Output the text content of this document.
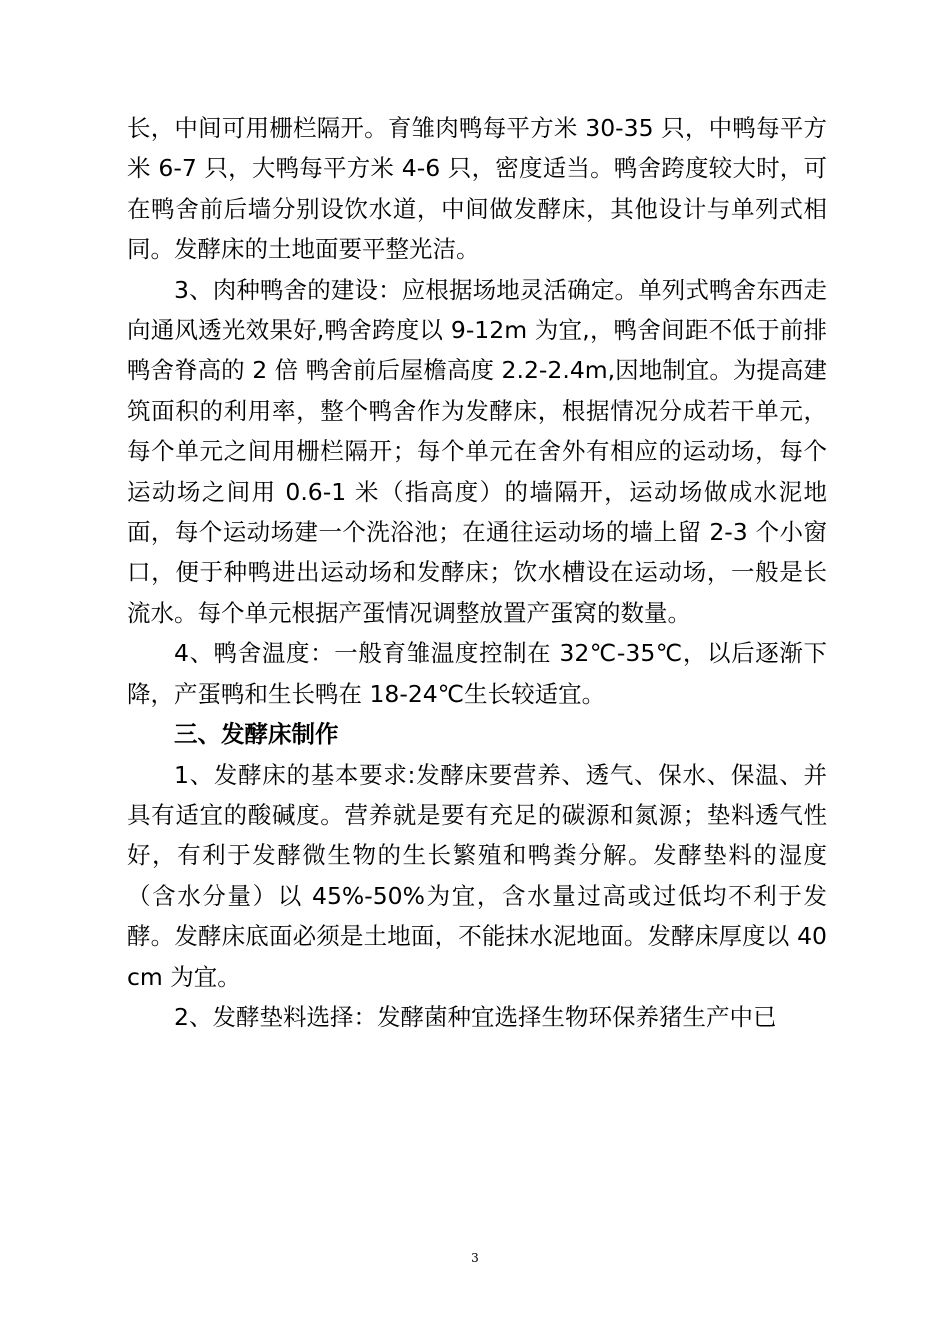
长，中间可用栅栏隔开。育雏肉鸭每平方米 30-35 只，中鸭每平方米 6-7 只，大鸭每平方米 4-6 只，密度适当。鸭舍跨度较大时，可在鸭舍前后墙分别设饮水道，中间做发酵床，其他设计与单列式相同。发酵床的土地面要平整光洁。

3、肉种鸭舍的建设：应根据场地灵活确定。单列式鸭舍东西走向通风透光效果好,鸭舍跨度以 9-12m 为宜,，鸭舍间距不低于前排鸭舍脊高的 2 倍 鸭舍前后屋檐高度 2.2-2.4m,因地制宜。为提高建筑面积的利用率，整个鸭舍作为发酵床，根据情况分成若干单元，每个单元之间用栅栏隔开；每个单元在舍外有相应的运动场，每个运动场之间用 0.6-1 米（指高度）的墙隔开，运动场做成水泥地面，每个运动场建一个洗浴池；在通往运动场的墙上留 2-3 个小窗口，便于种鸭进出运动场和发酵床；饮水槽设在运动场，一般是长流水。每个单元根据产蛋情况调整放置产蛋窝的数量。

4、鸭舍温度：一般育雏温度控制在 32℃-35℃，以后逐渐下降，产蛋鸭和生长鸭在 18-24℃生长较适宜。

三、发酵床制作

1、发酵床的基本要求:发酵床要营养、透气、保水、保温、并具有适宜的酸碱度。营养就是要有充足的碳源和氮源；垫料透气性好，有利于发酵微生物的生长繁殖和鸭粪分解。发酵垫料的湿度（含水分量）以 45%-50%为宜，含水量过高或过低均不利于发酵。发酵床底面必须是土地面，不能抹水泥地面。发酵床厚度以 40cm 为宜。

2、发酵垫料选择：发酵菌种宜选择生物环保养猪生产中已

3
